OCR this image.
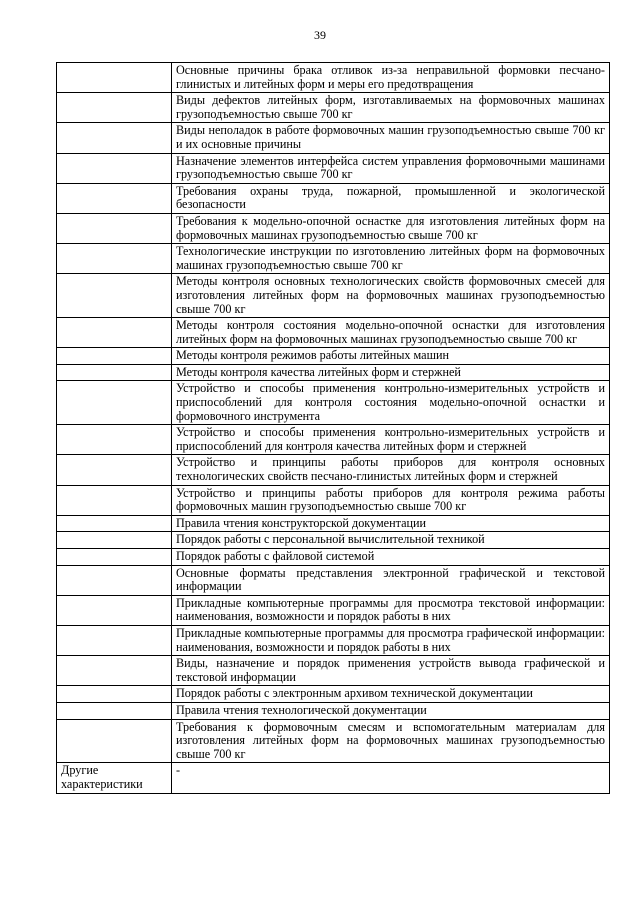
39
	Основные причины брака отливок из-за неправильной формовки песчано-глинистых и литейных форм и меры его предотвращения
	Виды дефектов литейных форм, изготавливаемых на формовочных машинах грузоподъемностью свыше 700 кг
	Виды неполадок в работе формовочных машин грузоподъемностью свыше 700 кг и их основные причины
	Назначение элементов интерфейса систем управления формовочными машинами грузоподъемностью свыше 700 кг
	Требования охраны труда, пожарной, промышленной и экологической безопасности
	Требования к модельно-опочной оснастке для изготовления литейных форм на формовочных машинах грузоподъемностью свыше 700 кг
	Технологические инструкции по изготовлению литейных форм на формовочных машинах грузоподъемностью свыше 700 кг
	Методы контроля основных технологических свойств формовочных смесей для изготовления литейных форм на формовочных машинах грузоподъемностью свыше 700 кг
	Методы контроля состояния модельно-опочной оснастки для изготовления литейных форм на формовочных машинах грузоподъемностью свыше 700 кг
	Методы контроля режимов работы литейных машин
	Методы контроля качества литейных форм и стержней
	Устройство и способы применения контрольно-измерительных устройств и приспособлений для контроля состояния модельно-опочной оснастки и формовочного инструмента
	Устройство и способы применения контрольно-измерительных устройств и приспособлений для контроля качества литейных форм и стержней
	Устройство и принципы работы приборов для контроля основных технологических свойств песчано-глинистых литейных форм и стержней
	Устройство и принципы работы приборов для контроля режима работы формовочных машин грузоподъемностью свыше 700 кг
	Правила чтения конструкторской документации
	Порядок работы с персональной вычислительной техникой
	Порядок работы с файловой системой
	Основные форматы представления электронной графической и текстовой информации
	Прикладные компьютерные программы для просмотра текстовой информации: наименования, возможности и порядок работы в них
	Прикладные компьютерные программы для просмотра графической информации: наименования, возможности и порядок работы в них
	Виды, назначение и порядок применения устройств вывода графической и текстовой информации
	Порядок работы с электронным архивом технической документации
	Правила чтения технологической документации
	Требования к формовочным смесям и вспомогательным материалам для изготовления литейных форм на формовочных машинах грузоподъемностью свыше 700 кг
Другие характеристики	-
